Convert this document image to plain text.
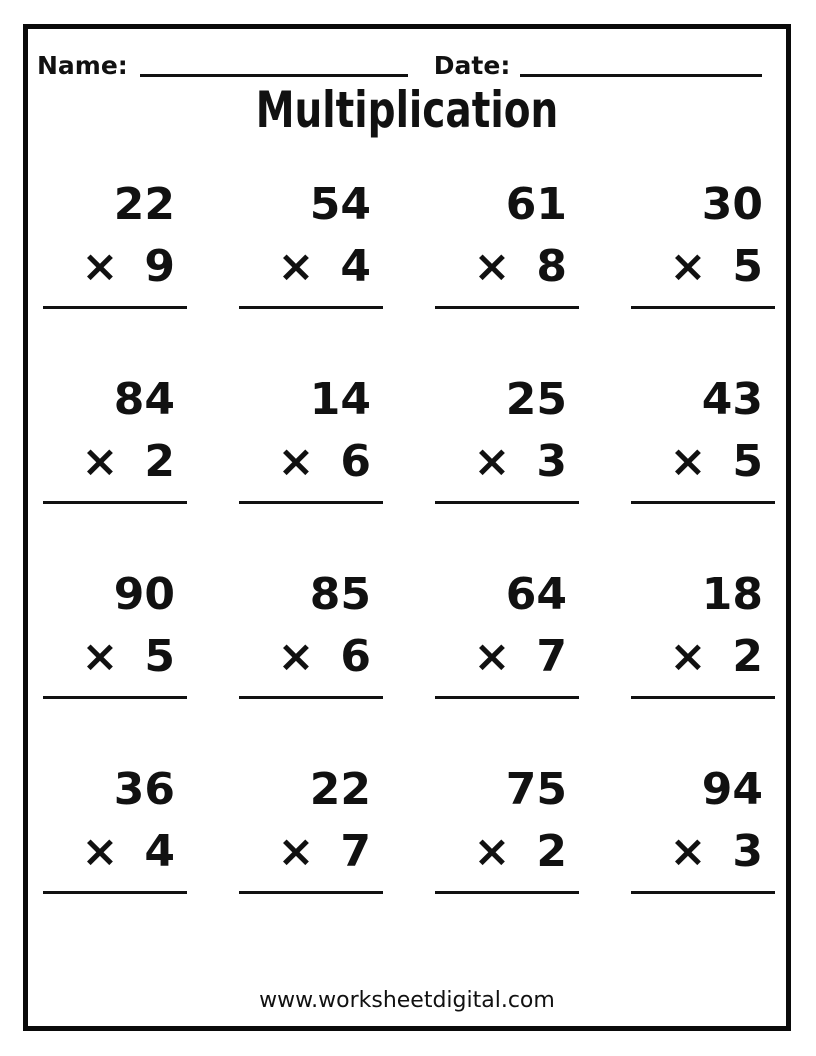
Name:	Date:
Multiplication
22
× 9
54
× 4
61
× 8
30
× 5
84
× 2
14
× 6
25
× 3
43
× 5
90
× 5
85
× 6
64
× 7
18
× 2
36
× 4
22
× 7
75
× 2
94
× 3
www.worksheetdigital.com
